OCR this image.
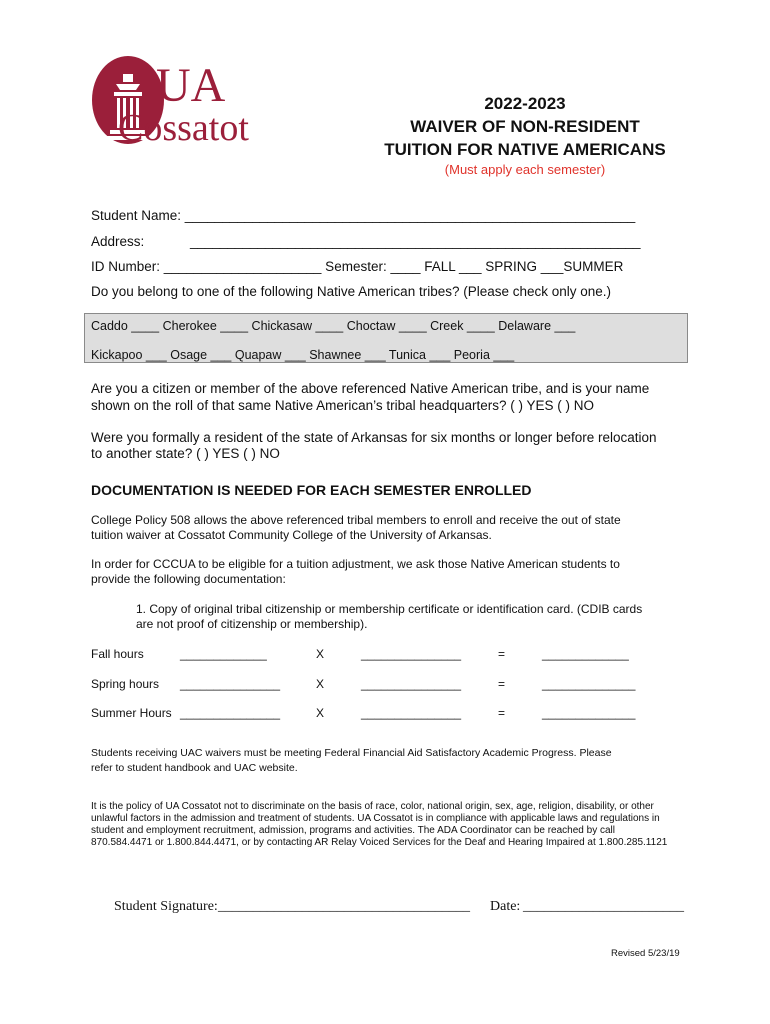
UA
Cossatot
2022-2023
WAIVER OF NON-RESIDENT
TUITION FOR NATIVE AMERICANS
(Must apply each semester)
Student Name: ____________________________________________________________
Address:	____________________________________________________________
ID Number: _____________________ Semester: ____ FALL ___ SPRING ___SUMMER
Do you belong to one of the following Native American tribes? (Please check only one.)
Caddo ____ Cherokee ____ Chickasaw ____ Choctaw ____ Creek ____ Delaware ___
Kickapoo ___ Osage ___ Quapaw ___ Shawnee ___ Tunica ___ Peoria ___
Are you a citizen or member of the above referenced Native American tribe, and is your name
shown on the roll of that same Native American’s tribal headquarters? ( ) YES ( ) NO
Were you formally a resident of the state of Arkansas for six months or longer before relocation
to another state? ( ) YES ( ) NO
DOCUMENTATION IS NEEDED FOR EACH SEMESTER ENROLLED
College Policy 508 allows the above referenced tribal members to enroll and receive the out of state
tuition waiver at Cossatot Community College of the University of Arkansas.
In order for CCCUA to be eligible for a tuition adjustment, we ask those Native American students to
provide the following documentation:
1. Copy of original tribal citizenship or membership certificate or identification card. (CDIB cards
are not proof of citizenship or membership).
Fall hours	_____________	X	_______________	=	_____________
Spring hours _______________	X	_______________	=	______________
Summer Hours _______________	X	_______________	=	______________
Students receiving UAC waivers must be meeting Federal Financial Aid Satisfactory Academic Progress. Please
refer to student handbook and UAC website.
It is the policy of UA Cossatot not to discriminate on the basis of race, color, national origin, sex, age, religion, disability, or other
unlawful factors in the admission and treatment of students. UA Cossatot is in compliance with applicable laws and regulations in
student and employment recruitment, admission, programs and activities. The ADA Coordinator can be reached by call
870.584.4471 or 1.800.844.4471, or by contacting AR Relay Voiced Services for the Deaf and Hearing Impaired at 1.800.285.1121
Student Signature: ____________________________________ Date: _______________________
Revised 5/23/19
